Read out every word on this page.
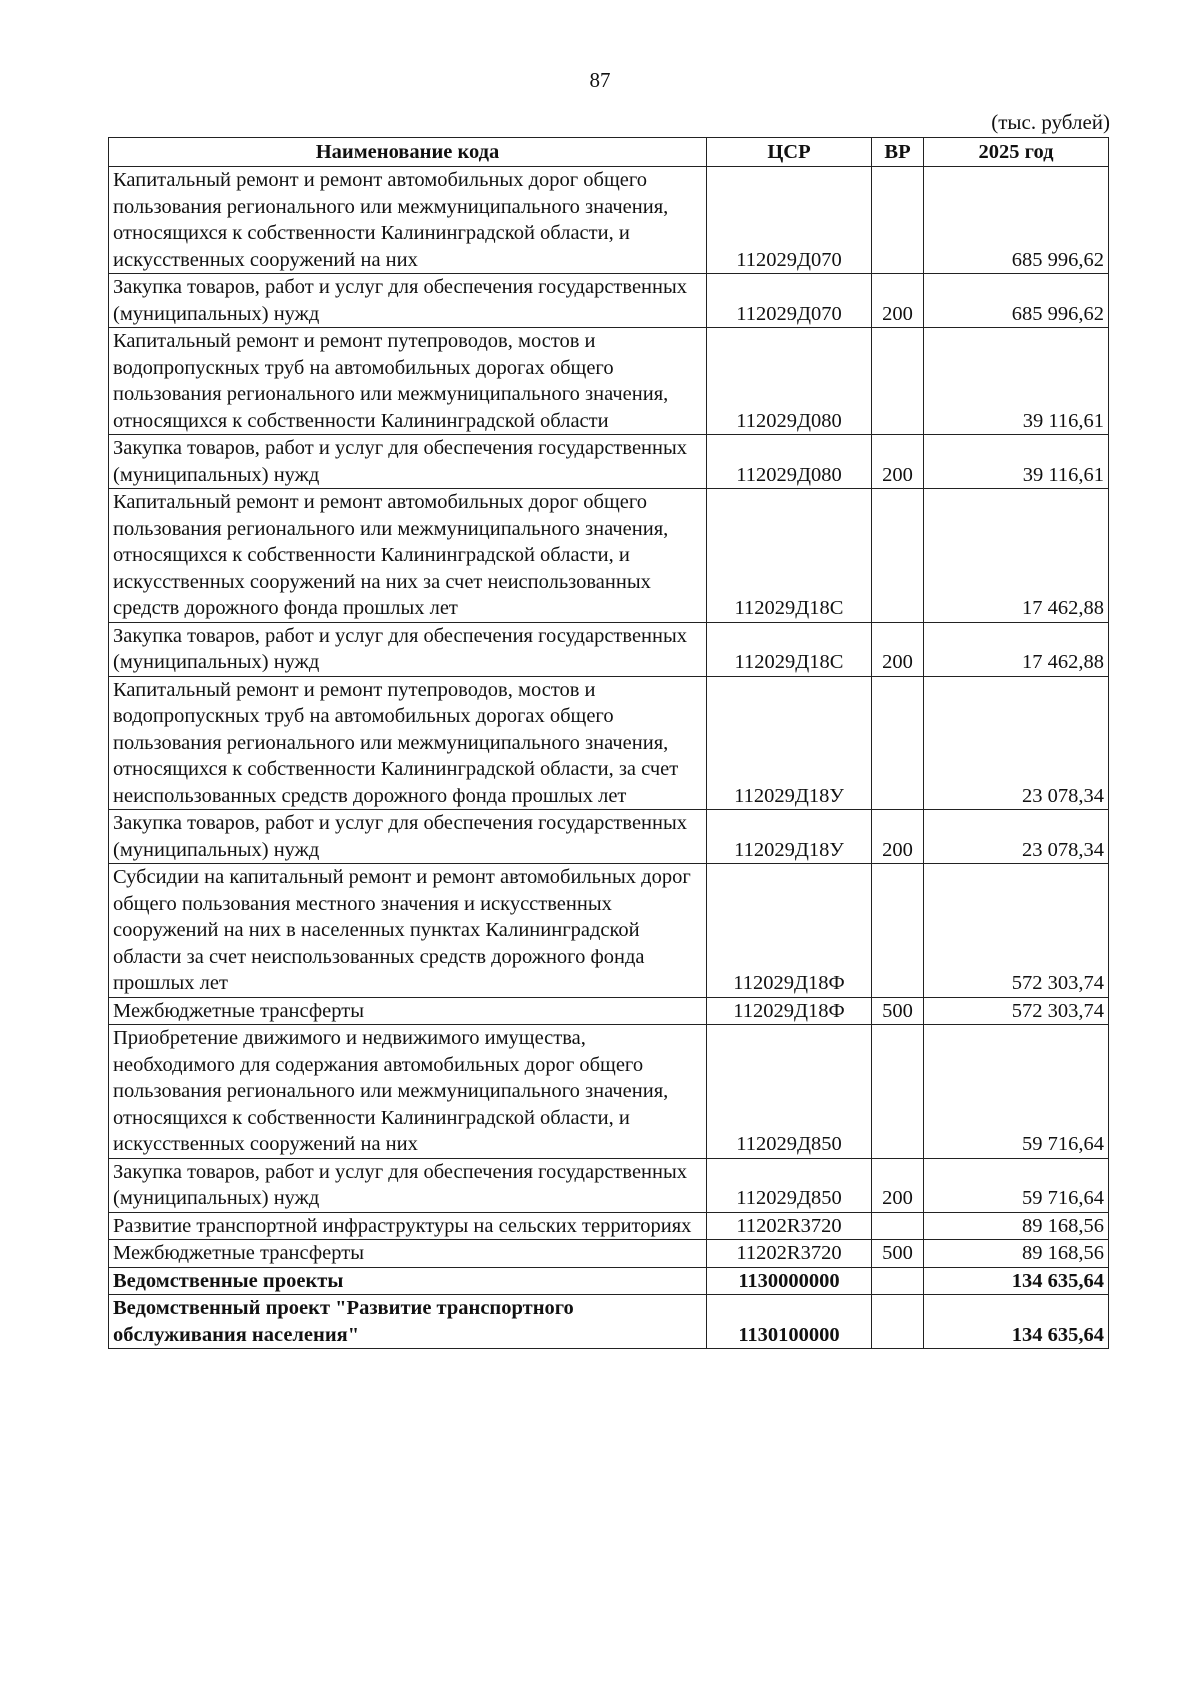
87
(тыс. рублей)
Наименование кода	ЦСР	ВР	2025 год
Капитальный ремонт и ремонт автомобильных дорог общего пользования регионального или межмуниципального значения, относящихся к собственности Калининградской области, и искусственных сооружений на них	112029Д070		685 996,62
Закупка товаров, работ и услуг для обеспечения государственных (муниципальных) нужд	112029Д070	200	685 996,62
Капитальный ремонт и ремонт путепроводов, мостов и водопропускных труб на автомобильных дорогах общего пользования регионального или межмуниципального значения, относящихся к собственности Калининградской области	112029Д080		39 116,61
Закупка товаров, работ и услуг для обеспечения государственных (муниципальных) нужд	112029Д080	200	39 116,61
Капитальный ремонт и ремонт автомобильных дорог общего пользования регионального или межмуниципального значения, относящихся к собственности Калининградской области, и искусственных сооружений на них за счет неиспользованных средств дорожного фонда прошлых лет	112029Д18С		17 462,88
Закупка товаров, работ и услуг для обеспечения государственных (муниципальных) нужд	112029Д18С	200	17 462,88
Капитальный ремонт и ремонт путепроводов, мостов и водопропускных труб на автомобильных дорогах общего пользования регионального или межмуниципального значения, относящихся к собственности Калининградской области, за счет неиспользованных средств дорожного фонда прошлых лет	112029Д18У		23 078,34
Закупка товаров, работ и услуг для обеспечения государственных (муниципальных) нужд	112029Д18У	200	23 078,34
Субсидии на капитальный ремонт и ремонт автомобильных дорог общего пользования местного значения и искусственных сооружений на них в населенных пунктах Калининградской области за счет неиспользованных средств дорожного фонда прошлых лет	112029Д18Ф		572 303,74
Межбюджетные трансферты	112029Д18Ф	500	572 303,74
Приобретение движимого и недвижимого имущества, необходимого для содержания автомобильных дорог общего пользования регионального или межмуниципального значения, относящихся к собственности Калининградской области, и искусственных сооружений на них	112029Д850		59 716,64
Закупка товаров, работ и услуг для обеспечения государственных (муниципальных) нужд	112029Д850	200	59 716,64
Развитие транспортной инфраструктуры на сельских территориях	11202R3720		89 168,56
Межбюджетные трансферты	11202R3720	500	89 168,56
Ведомственные проекты	1130000000		134 635,64
Ведомственный проект "Развитие транспортного обслуживания населения"	1130100000		134 635,64
